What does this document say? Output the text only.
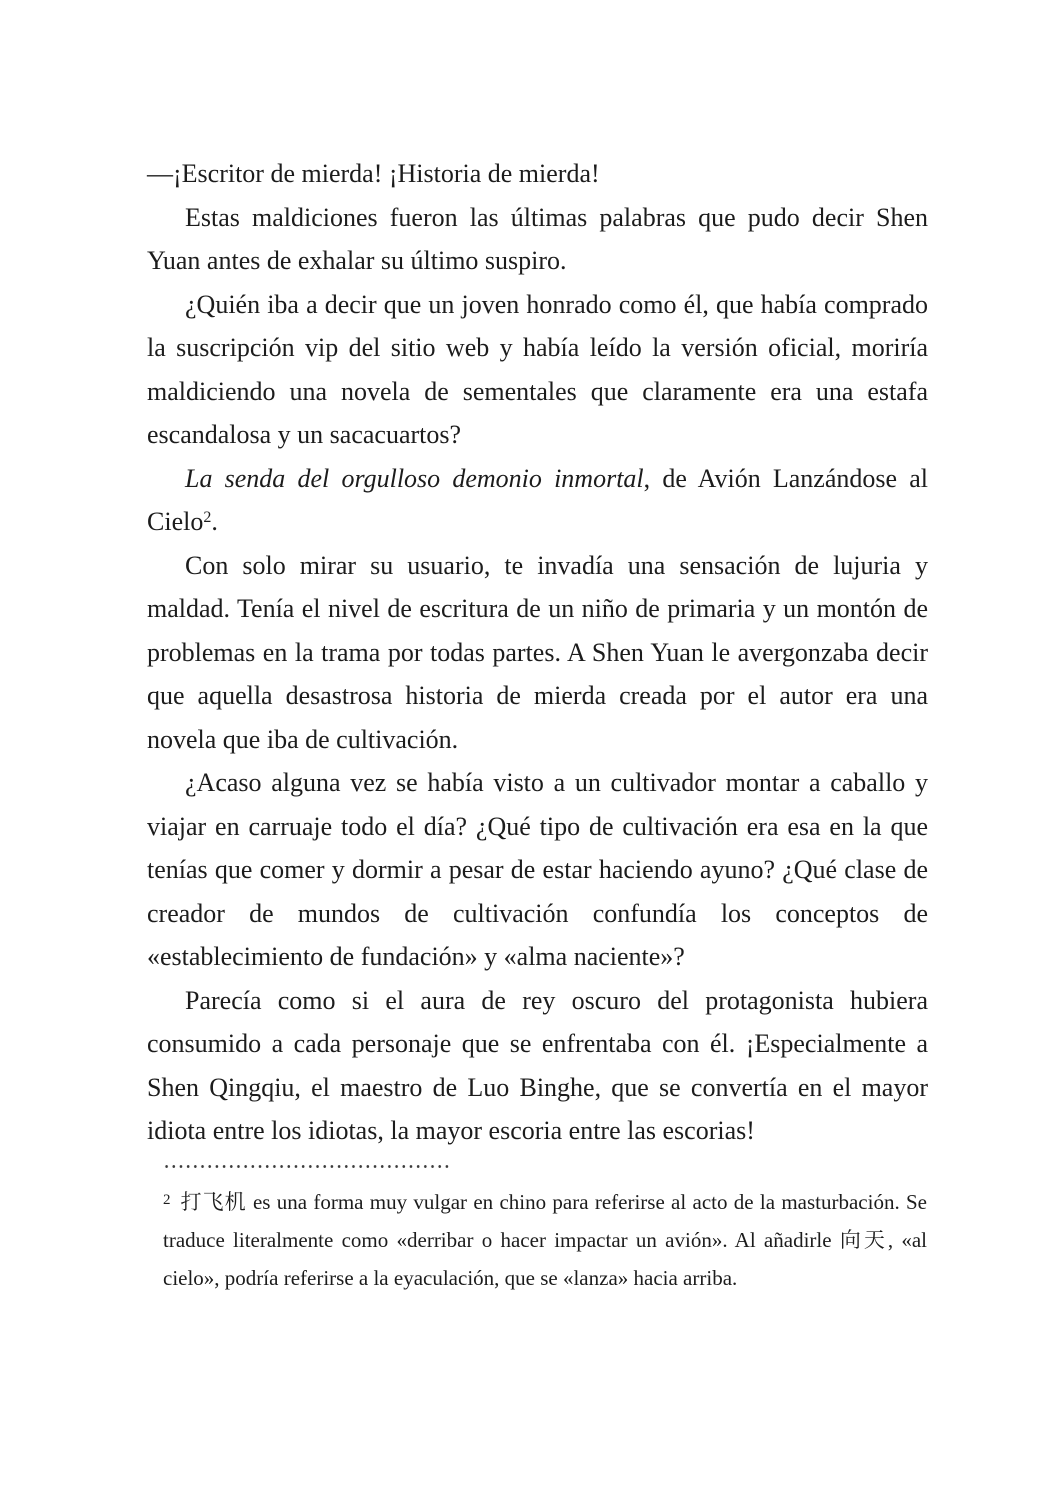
—¡Escritor de mierda! ¡Historia de mierda!

Estas maldiciones fueron las últimas palabras que pudo decir Shen Yuan antes de exhalar su último suspiro.

¿Quién iba a decir que un joven honrado como él, que había comprado la suscripción vip del sitio web y había leído la versión oficial, moriría maldiciendo una novela de sementales que claramente era una estafa escandalosa y un sacacuartos?

La senda del orgulloso demonio inmortal, de Avión Lanzándose al Cielo$^2$.

Con solo mirar su usuario, te invadía una sensación de lujuria y maldad. Tenía el nivel de escritura de un niño de primaria y un montón de problemas en la trama por todas partes. A Shen Yuan le avergonzaba decir que aquella desastrosa historia de mierda creada por el autor era una novela que iba de cultivación.

¿Acaso alguna vez se había visto a un cultivador montar a caballo y viajar en carruaje todo el día? ¿Qué tipo de cultivación era esa en la que tenías que comer y dormir a pesar de estar haciendo ayuno? ¿Qué clase de creador de mundos de cultivación confundía los conceptos de «establecimiento de fundación» y «alma naciente»?

Parecía como si el aura de rey oscuro del protagonista hubiera consumido a cada personaje que se enfrentaba con él. ¡Especialmente a Shen Qingqiu, el maestro de Luo Binghe, que se convertía en el mayor idiota entre los idiotas, la mayor escoria entre las escorias!

$^2$ 打飞机 es una forma muy vulgar en chino para referirse al acto de la masturbación. Se traduce literalmente como «derribar o hacer impactar un avión». Al añadirle 向天, «al cielo», podría referirse a la eyaculación, que se «lanza» hacia arriba.
